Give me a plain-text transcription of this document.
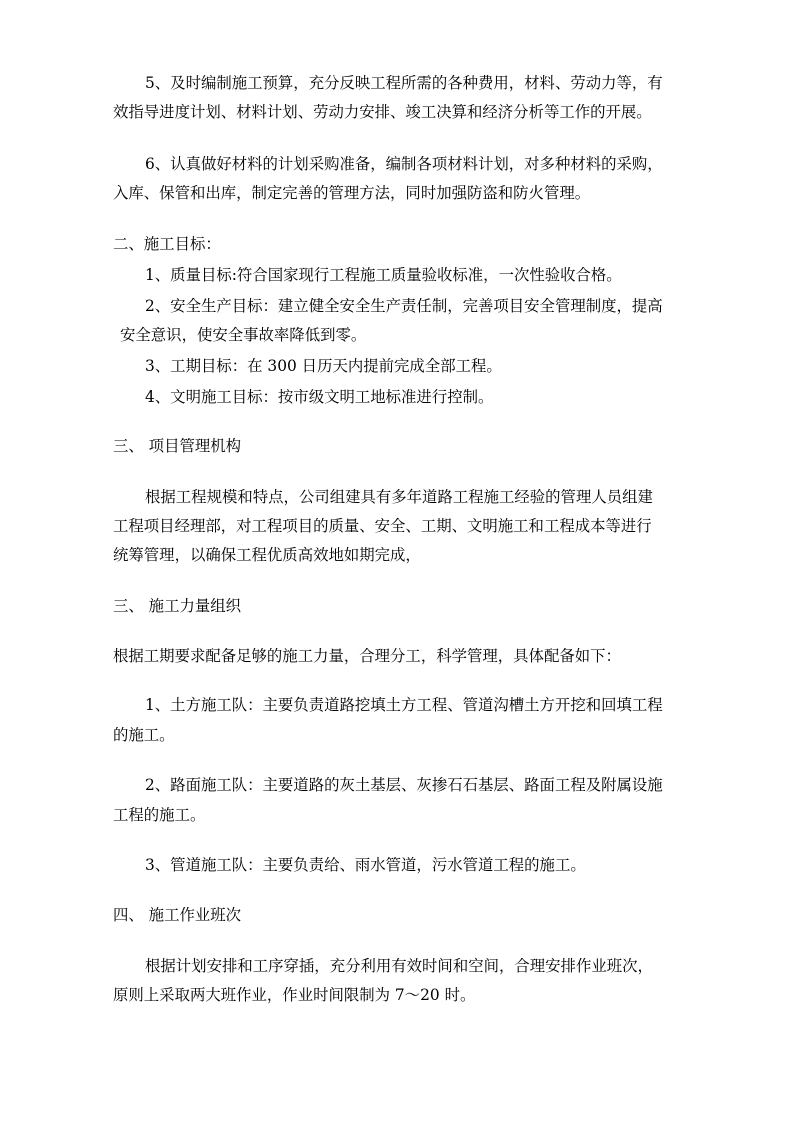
5、及时编制施工预算，充分反映工程所需的各种费用，材料、劳动力等，有
效指导进度计划、材料计划、劳动力安排、竣工决算和经济分析等工作的开展。
6、认真做好材料的计划采购准备，编制各项材料计划，对多种材料的采购，
入库、保管和出库，制定完善的管理方法，同时加强防盗和防火管理。
二、施工目标：
1、质量目标:符合国家现行工程施工质量验收标准，一次性验收合格。
2、安全生产目标：建立健全安全生产责任制，完善项目安全管理制度，提高
安全意识，使安全事故率降低到零。
3、工期目标：在 300 日历天内提前完成全部工程。
4、文明施工目标：按市级文明工地标准进行控制。
三、 项目管理机构
根据工程规模和特点，公司组建具有多年道路工程施工经验的管理人员组建
工程项目经理部，对工程项目的质量、安全、工期、文明施工和工程成本等进行
统筹管理，以确保工程优质高效地如期完成，
三、 施工力量组织
根据工期要求配备足够的施工力量，合理分工，科学管理，具体配备如下：
1、土方施工队：主要负责道路挖填土方工程、管道沟槽土方开挖和回填工程
的施工。
2、路面施工队：主要道路的灰土基层、灰掺石石基层、路面工程及附属设施
工程的施工。
3、管道施工队：主要负责给、雨水管道，污水管道工程的施工。
四、 施工作业班次
根据计划安排和工序穿插，充分利用有效时间和空间，合理安排作业班次，
原则上采取两大班作业，作业时间限制为 7～20 时。
